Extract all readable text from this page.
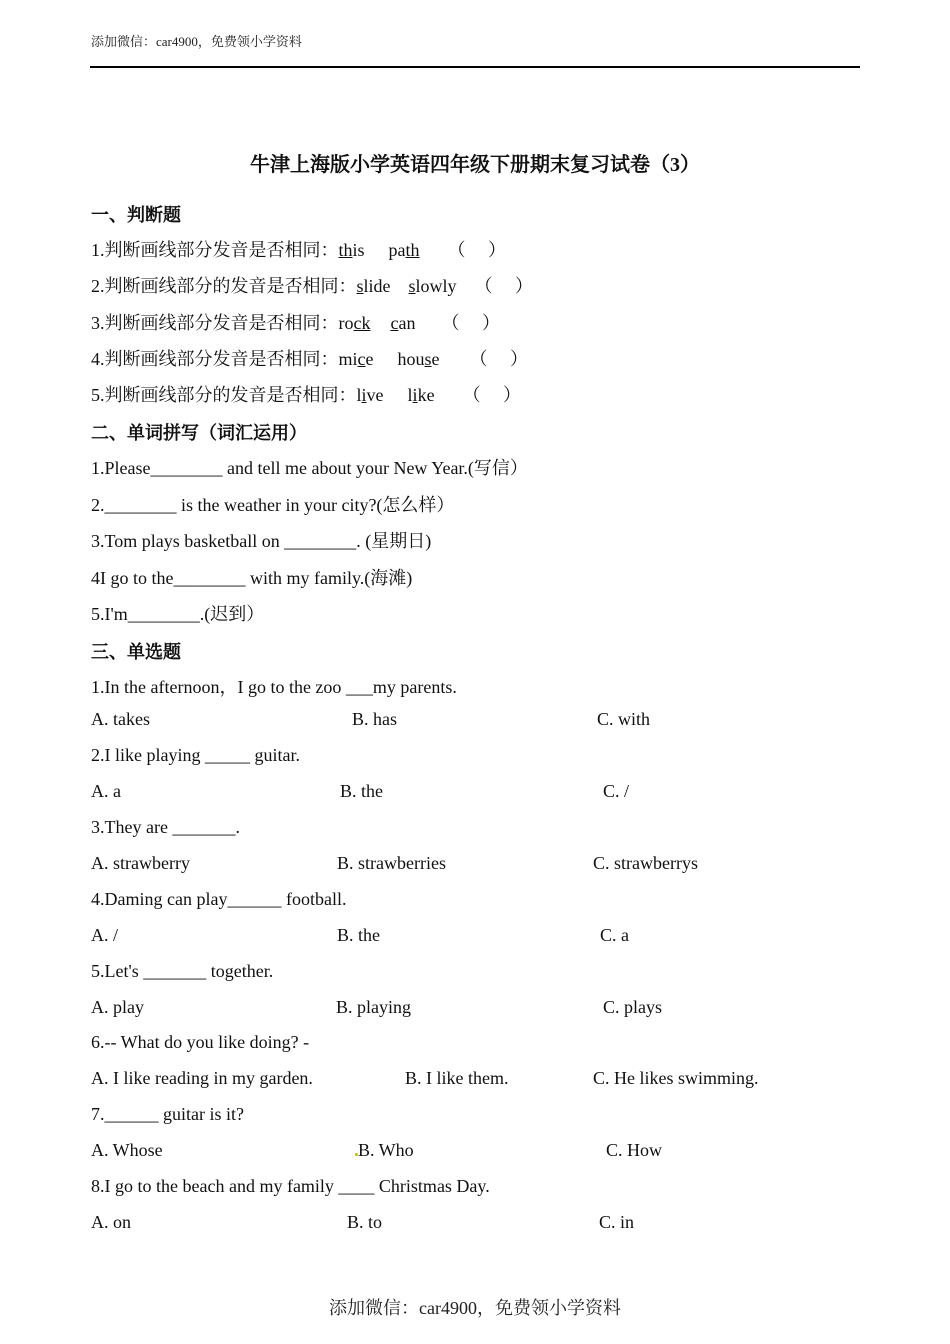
添加微信：car4900，免费领小学资料
牛津上海版小学英语四年级下册期末复习试卷（3）
一、判断题
1.判断画线部分发音是否相同：this path （　 ）
2.判断画线部分的发音是否相同：slide slowly （　 ）
3.判断画线部分发音是否相同：rock can （　 ）
4.判断画线部分发音是否相同：mice house （　 ）
5.判断画线部分的发音是否相同：live like （　 ）
二、单词拼写（词汇运用）
1.Please________ and tell me about your New Year.(写信）
2.________ is the weather in your city?(怎么样）
3.Tom plays basketball on ________. (星期日)
4I go to the________ with my family.(海滩)
5.I'm________.(迟到）
三、单选题
1.In the afternoon，I go to the zoo ___my parents.
A. takes	B. has	C. with
2.I like playing _____ guitar.
A. a	B. the	C. /
3.They are _______.
A. strawberry	B. strawberries	C. strawberrys
4.Daming can play______ football.
A. /	B. the	C. a
5.Let's _______ together.
A. play	B. playing	C. plays
6.-- What do you like doing? -
A. I like reading in my garden.	B. I like them.	C. He likes swimming.
7.______ guitar is it?
A. Whose	B. Who	C. How
8.I go to the beach and my family ____ Christmas Day.
A. on	B. to	C. in
添加微信：car4900，免费领小学资料
